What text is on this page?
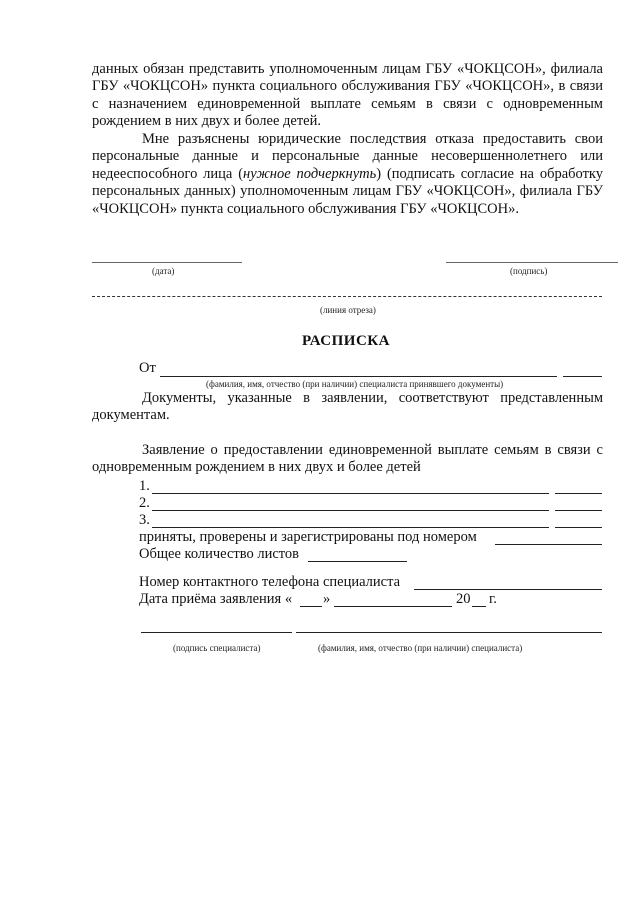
данных обязан представить уполномоченным лицам ГБУ «ЧОКЦСОН», филиала ГБУ «ЧОКЦСОН» пункта социального обслуживания ГБУ «ЧОКЦСОН», в связи с назначением единовременной выплате семьям в связи с одновременным рождением в них двух и более детей.

Мне разъяснены юридические последствия отказа предоставить свои персональные данные и персональные данные несовершеннолетнего или недееспособного лица (нужное подчеркнуть) (подписать согласие на обработку персональных данных) уполномоченным лицам ГБУ «ЧОКЦСОН», филиала ГБУ «ЧОКЦСОН» пункта социального обслуживания ГБУ «ЧОКЦСОН».

(дата)	(подпись)
(линия отреза)
РАСПИСКА
От
(фамилия, имя, отчество (при наличии) специалиста принявшего документы)

Документы, указанные в заявлении, соответствуют представленным документам.

Заявление о предоставлении единовременной выплате семьям в связи с одновременным рождением в них двух и более детей

1.
2.
3.
приняты, проверены и зарегистрированы под номером
Общее количество листов
Номер контактного телефона специалиста
Дата приёма заявления « »	20 г.
(подпись специалиста)	(фамилия, имя, отчество (при наличии) специалиста)
